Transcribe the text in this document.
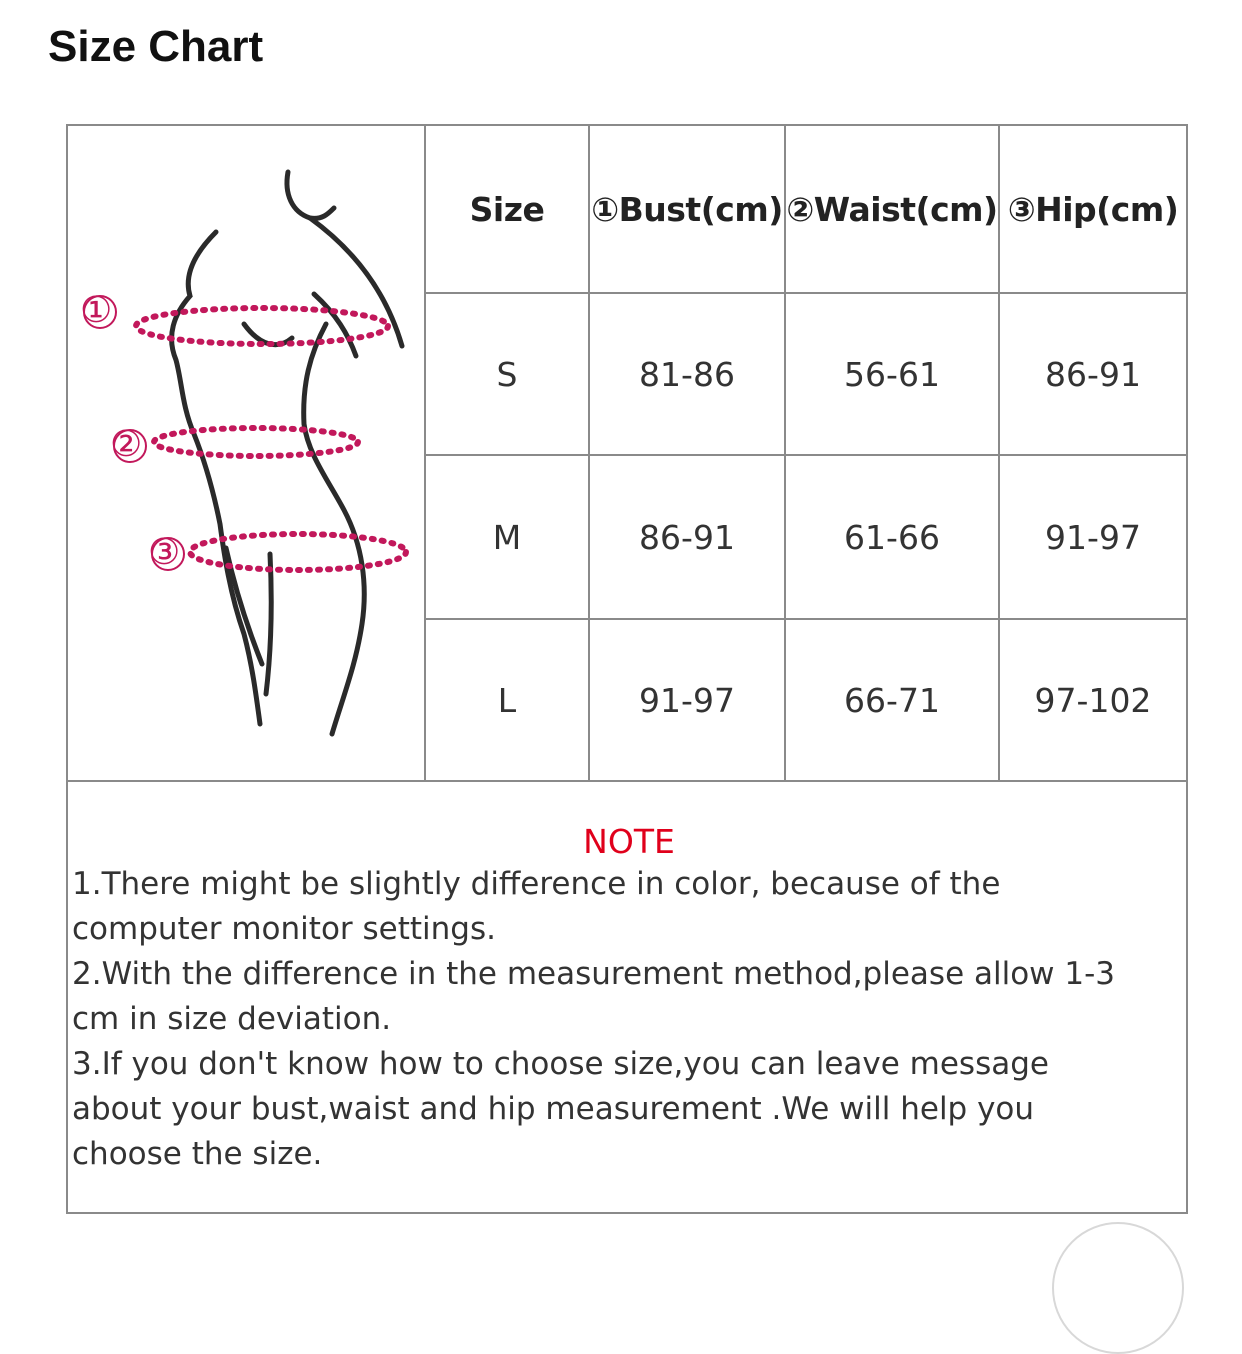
Size Chart
①
②
③
Size	①Bust(cm) ②Waist(cm) ③Hip(cm)
S	81-86	56-61	86-91
M	86-91	61-66	91-97
L	91-97	66-71	97-102
NOTE
1.There might be slightly difference in color, because of the
computer monitor settings.
2.With the difference in the measurement method,please allow 1-3
cm in size deviation.
3.If you don't know how to choose size,you can leave message
about your bust,waist and hip measurement .We will help you
choose the size.
